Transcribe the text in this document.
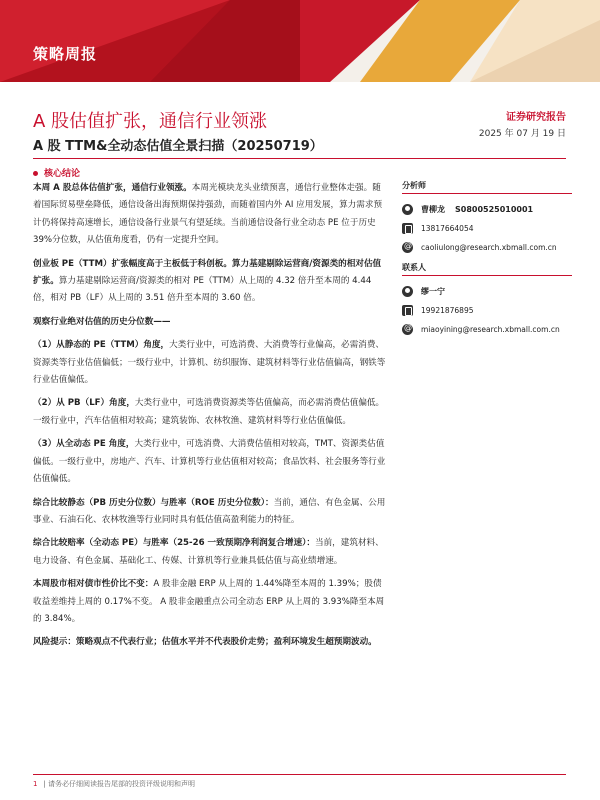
策略周报
A 股估值扩张，通信行业领涨
A 股 TTM&全动态估值全景扫描（20250719）
证券研究报告
2025 年 07 月 19 日
核心结论
本周 A 股总体估值扩张，通信行业领涨。本周光模块龙头业绩预喜，通信行业整体走强。随着国际贸易壁垒降低，通信设备出海预期保持强劲，而随着国内外 AI 应用发展，算力需求预计仍将保持高速增长，通信设备行业景气有望延续。当前通信设备行业全动态 PE 位于历史 39%分位数，从估值角度看，仍有一定提升空间。
创业板 PE（TTM）扩张幅度高于主板低于科创板。算力基建剔除运营商/资源类的相对估值扩张。算力基建剔除运营商/资源类的相对 PE（TTM）从上周的 4.32 倍升至本周的 4.44 倍，相对 PB（LF）从上周的 3.51 倍升至本周的 3.60 倍。
观察行业绝对估值的历史分位数——
（1）从静态的 PE（TTM）角度，大类行业中，可选消费、大消费等行业偏高，必需消费、资源类等行业估值偏低；一级行业中，计算机、纺织服饰、建筑材料等行业估值偏高，钢铁等行业估值偏低。
（2）从 PB（LF）角度，大类行业中，可选消费资源类等估值偏高，而必需消费估值偏低。一级行业中，汽车估值相对较高；建筑装饰、农林牧渔、建筑材料等行业估值偏低。
（3）从全动态 PE 角度，大类行业中，可选消费、大消费估值相对较高，TMT、资源类估值偏低。一级行业中，房地产、汽车、计算机等行业估值相对较高；食品饮料、社会服务等行业估值偏低。
综合比较静态（PB 历史分位数）与胜率（ROE 历史分位数）：当前，通信、有色金属、公用事业、石油石化、农林牧渔等行业同时具有低估值高盈利能力的特征。
综合比较赔率（全动态 PE）与胜率（25-26 一致预期净利润复合增速）：当前，建筑材料、电力设备、有色金属、基础化工、传媒、计算机等行业兼具低估值与高业绩增速。
本周股市相对债市性价比不变：A 股非金融 ERP 从上周的 1.44%降至本周的 1.39%；股债收益差维持上周的 0.17%不变。 A 股非金融重点公司全动态 ERP 从上周的 3.93%降至本周的 3.84%。
风险提示：策略观点不代表行业；估值水平并不代表股价走势；盈利环境发生超预期波动。
分析师
曹柳龙 S0800525010001
13817664054
@
caoliulong@research.xbmall.com.cn
联系人
缪一宁
19921876895
@
miaoyining@research.xbmall.com.cn
1 | 请务必仔细阅读报告尾部的投资评级说明和声明
